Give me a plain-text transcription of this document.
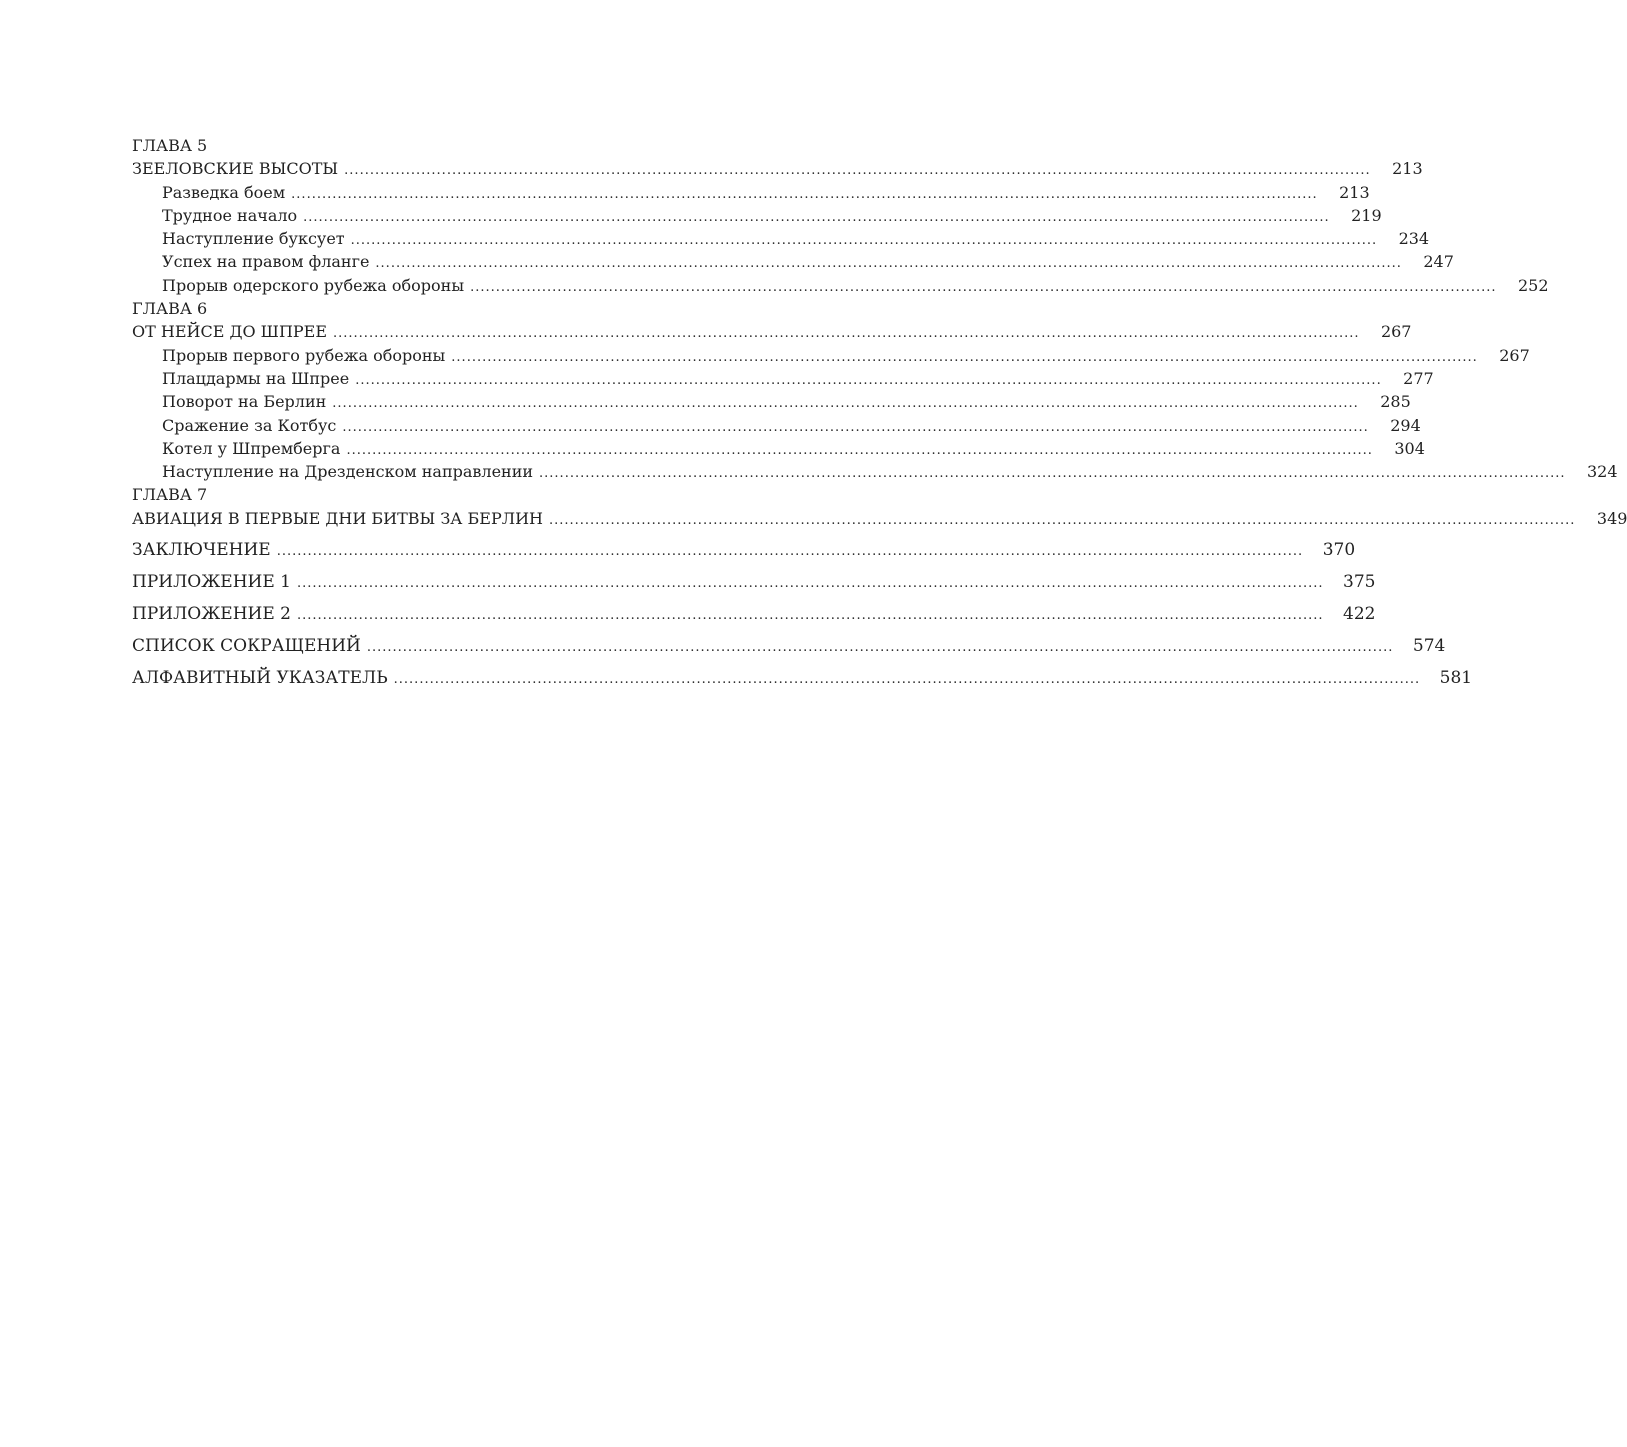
ГЛАВА 5
ЗЕЕЛОВСКИЕ ВЫСОТЫ ........................................................................................................................................................................................................	213
Разведка боем ........................................................................................................................................................................................................	213
Трудное начало ........................................................................................................................................................................................................	219
Наступление буксует ........................................................................................................................................................................................................	234
Успех на правом фланге ........................................................................................................................................................................................................	247
Прорыв одерского рубежа обороны ........................................................................................................................................................................................................	252
ГЛАВА 6
ОТ НЕЙСЕ ДО ШПРЕЕ ........................................................................................................................................................................................................	267
Прорыв первого рубежа обороны ........................................................................................................................................................................................................	267
Плацдармы на Шпрее ........................................................................................................................................................................................................	277
Поворот на Берлин ........................................................................................................................................................................................................	285
Сражение за Котбус ........................................................................................................................................................................................................	294
Котел у Шпремберга ........................................................................................................................................................................................................	304
Наступление на Дрезденском направлении ........................................................................................................................................................................................................	324
ГЛАВА 7
АВИАЦИЯ В ПЕРВЫЕ ДНИ БИТВЫ ЗА БЕРЛИН ........................................................................................................................................................................................................	349
ЗАКЛЮЧЕНИЕ ........................................................................................................................................................................................................	370
ПРИЛОЖЕНИЕ 1 ........................................................................................................................................................................................................	375
ПРИЛОЖЕНИЕ 2 ........................................................................................................................................................................................................	422
СПИСОК СОКРАЩЕНИЙ ........................................................................................................................................................................................................	574
АЛФАВИТНЫЙ УКАЗАТЕЛЬ ........................................................................................................................................................................................................	581
